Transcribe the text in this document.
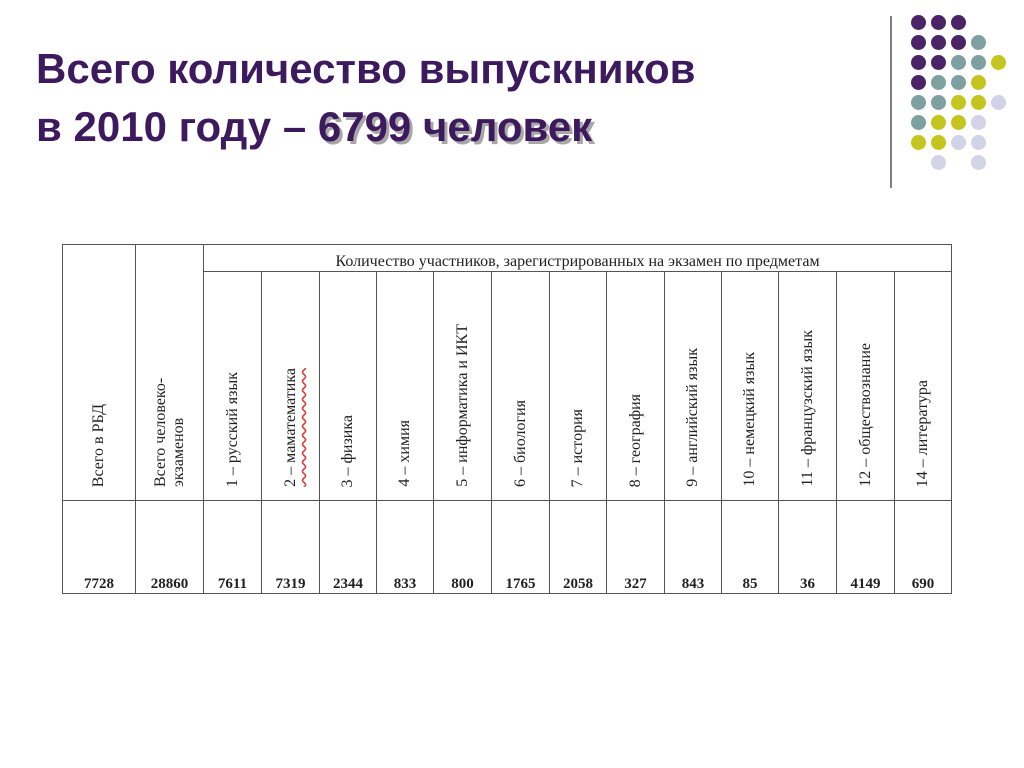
Всего количество выпускников
в 2010 году – 6799 человек
Всего в РБД	Всего человеко-экзаменов	Количество участников, зарегистрированных на экзамен по предметам												
		1 – русский язык	2 – маматематика	3 – физика	4 – химия	5 – информатика и ИКТ	6 – биология	7 – история	8 – география	9 – английский язык	10 – немецкий язык	11 – французский язык	12 – обществознание	14 – литература
7728	28860	7611	7319	2344	833	800	1765	2058	327	843	85	36	4149	690
